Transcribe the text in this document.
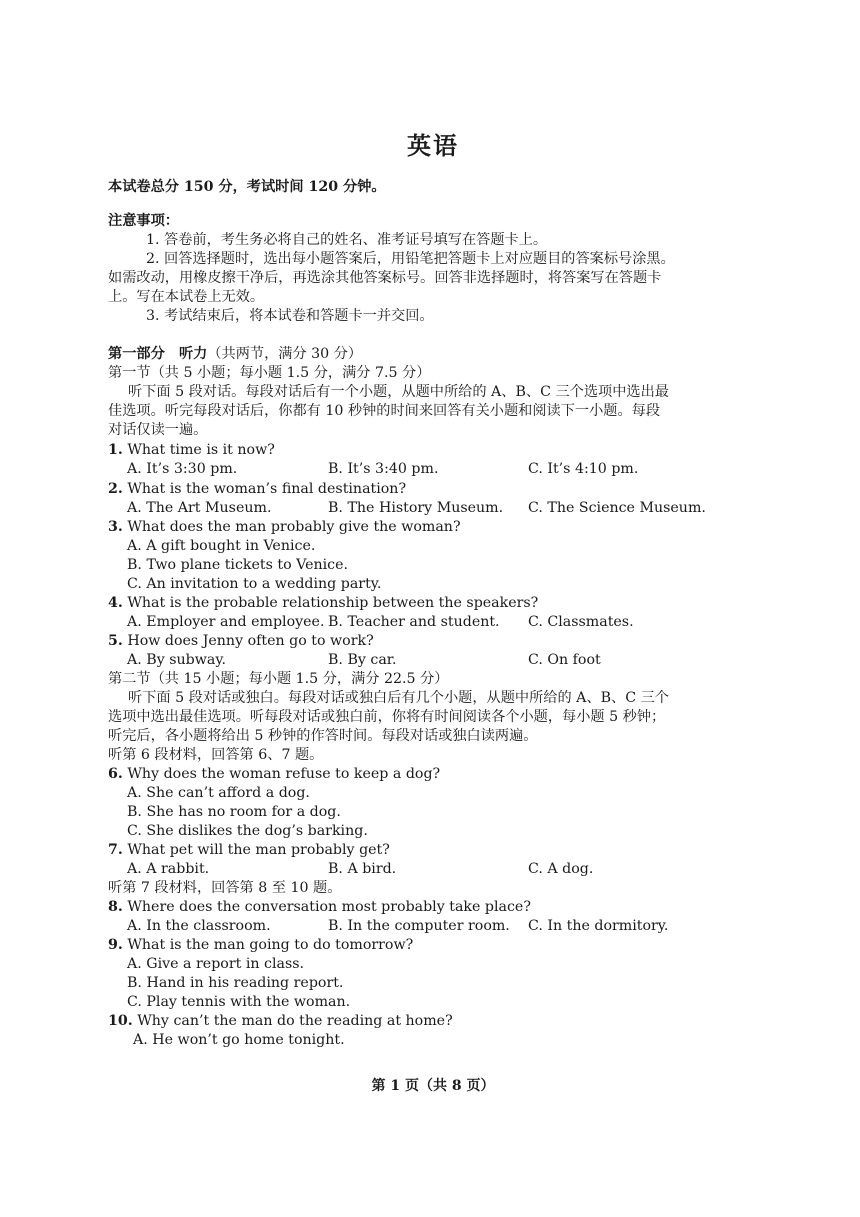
英语
本试卷总分 150 分，考试时间 120 分钟。
注意事项：
1. 答卷前，考生务必将自己的姓名、准考证号填写在答题卡上。
2. 回答选择题时，选出每小题答案后，用铅笔把答题卡上对应题目的答案标号涂黑。
如需改动，用橡皮擦干净后，再选涂其他答案标号。回答非选择题时，将答案写在答题卡
上。写在本试卷上无效。
3. 考试结束后，将本试卷和答题卡一并交回。
第一部分　听力（共两节，满分 30 分）
第一节（共 5 小题；每小题 1.5 分，满分 7.5 分）
听下面 5 段对话。每段对话后有一个小题，从题中所给的 A、B、C 三个选项中选出最
佳选项。听完每段对话后，你都有 10 秒钟的时间来回答有关小题和阅读下一小题。每段
对话仅读一遍。
1. What time is it now?
A. It’s 3:30 pm.	B. It’s 3:40 pm.	C. It’s 4:10 pm.
2. What is the woman’s final destination?
A. The Art Museum.	B. The History Museum. C. The Science Museum.
3. What does the man probably give the woman?
A. A gift bought in Venice.
B. Two plane tickets to Venice.
C. An invitation to a wedding party.
4. What is the probable relationship between the speakers?
A. Employer and employee. B. Teacher and student. C. Classmates.
5. How does Jenny often go to work?
A. By subway.	B. By car.	C. On foot
第二节（共 15 小题；每小题 1.5 分，满分 22.5 分）
听下面 5 段对话或独白。每段对话或独白后有几个小题，从题中所给的 A、B、C 三个
选项中选出最佳选项。听每段对话或独白前，你将有时间阅读各个小题，每小题 5 秒钟；
听完后，各小题将给出 5 秒钟的作答时间。每段对话或独白读两遍。
听第 6 段材料，回答第 6、7 题。
6. Why does the woman refuse to keep a dog?
A. She can’t afford a dog.
B. She has no room for a dog.
C. She dislikes the dog’s barking.
7. What pet will the man probably get?
A. A rabbit.	B. A bird.	C. A dog.
听第 7 段材料，回答第 8 至 10 题。
8. Where does the conversation most probably take place?
A. In the classroom.	B. In the computer room. C. In the dormitory.
9. What is the man going to do tomorrow?
A. Give a report in class.
B. Hand in his reading report.
C. Play tennis with the woman.
10. Why can’t the man do the reading at home?
A. He won’t go home tonight.
第 1 页（共 8 页）
